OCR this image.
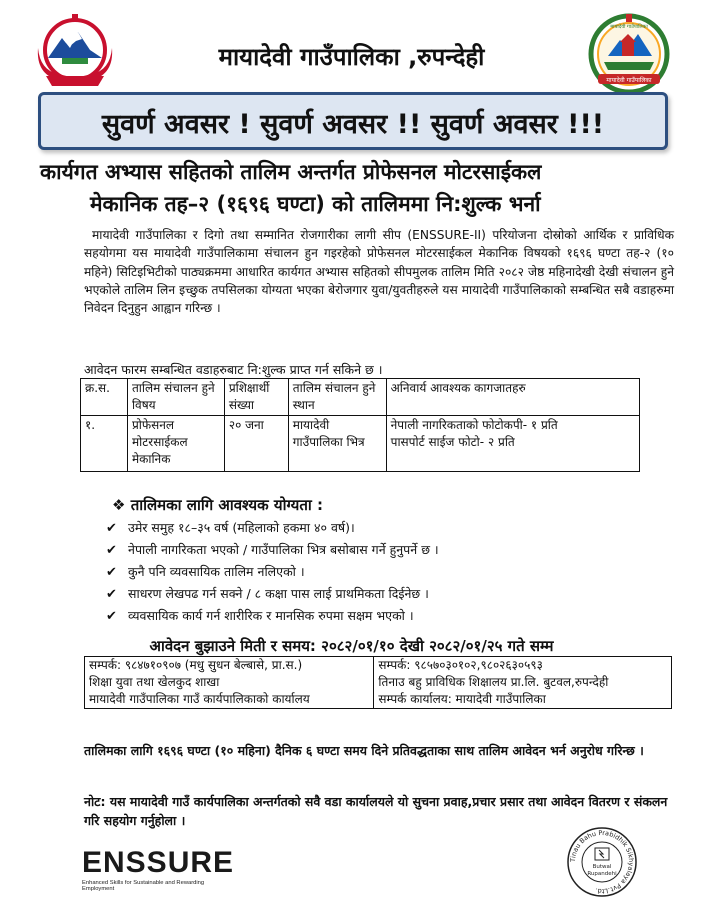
मायादेवी गाउँपालिका ,रुपन्देही
मायादेवी गाउँपालिका
मायादेवी गाउँपालिका
सुवर्ण अवसर ! सुवर्ण अवसर !! सुवर्ण अवसर !!!
कार्यगत अभ्यास सहितको तालिम अन्तर्गत प्रोफेसनल मोटरसाईकल
मेकानिक तह–२ (१६९६ घण्टा) को तालिममा नि:शुल्क भर्ना

मायादेवी गाउँपालिका र दिगो तथा सम्मानित रोजगारीका लागी सीप (ENSSURE-II) परियोजना दोस्रोको आर्थिक र प्राविधिक सहयोगमा यस मायादेवी गाउँपालिकामा संचालन हुन गइरहेको प्रोफेसनल मोटरसाईकल मेकानिक विषयको १६९६ घण्टा तह-२ (१० महिने) सिटिइभिटीको पाठ्यक्रममा आधारित कार्यगत अभ्यास सहितको सीपमुलक तालिम मिति २०८२ जेष्ठ महिनादेखी देखी संचालन हुने भएकोले तालिम लिन इच्छुक तपसिलका योग्यता भएका बेरोजगार युवा/युवतीहरुले यस मायादेवी गाउँपालिकाको सम्बन्धित सबै वडाहरुमा निवेदन दिनुहुन आह्वान गरिन्छ ।

आवेदन फारम सम्बन्धित वडाहरुबाट नि:शुल्क प्राप्त गर्न सकिने छ ।
क्र.स.	तालिम संचालन हुने विषय	प्रशिक्षार्थी संख्या	तालिम संचालन हुने स्थान	अनिवार्य आवश्यक कागजातहरु
१.	प्रोफेसनल मोटरसाईकल मेकानिक	२० जना	मायादेवी गाउँपालिका भित्र	नेपाली नागरिकताको फोटोकपी- १ प्रति
पासपोर्ट साईज फोटो- २ प्रति
❖ तालिमका लागि आवश्यक योग्यता :
✔ उमेर समुह १८–३५ वर्ष (महिलाको हकमा ४० वर्ष)।
✔ नेपाली नागरिकता भएको / गाउँपालिका भित्र बसोबास गर्ने हुनुपर्ने छ ।
✔ कुनै पनि व्यवसायिक तालिम नलिएको ।
✔ साधरण लेखपढ गर्न सक्ने / ८ कक्षा पास लाई प्राथमिकता दिईनेछ ।
✔ व्यवसायिक कार्य गर्न शारीरिक र मानसिक रुपमा सक्षम भएको ।
आवेदन बुझाउने मिती र समय: २०८२/०१/१० देखी २०८२/०१/२५ गते सम्म
सम्पर्क: ९८४७१०९०७ (मधु सुधन बेल्बासे, प्रा.स.)
शिक्षा युवा तथा खेलकुद शाखा
मायादेवी गाउँपालिका गाउँ कार्यपालिकाको कार्यालय

सम्पर्क: ९८५७०३०१०२,९८०२६३०५९३
तिनाउ बहु प्राविधिक शिक्षालय प्रा.लि. बुटवल,रुपन्देही
सम्पर्क कार्यालय: मायादेवी गाउँपालिका

तालिमका लागि १६९६ घण्टा (१० महिना) दैनिक ६ घण्टा समय दिने प्रतिवद्धताका साथ तालिम आवेदन भर्न अनुरोध गरिन्छ ।

नोट: यस मायादेवी गाउँ कार्यपालिका अन्तर्गतको सवै वडा कार्यालयले यो सुचना प्रवाह,प्रचार प्रसार तथा आवेदन वितरण र संकलन गरि सहयोग गर्नुहोला ।

ENSSURE
Enhanced Skills for Sustainable and Rewarding Employment
Tinau Bahu Prabidhik Sikhyalaya Pvt.Ltd.
Butwal
Rupandehi
